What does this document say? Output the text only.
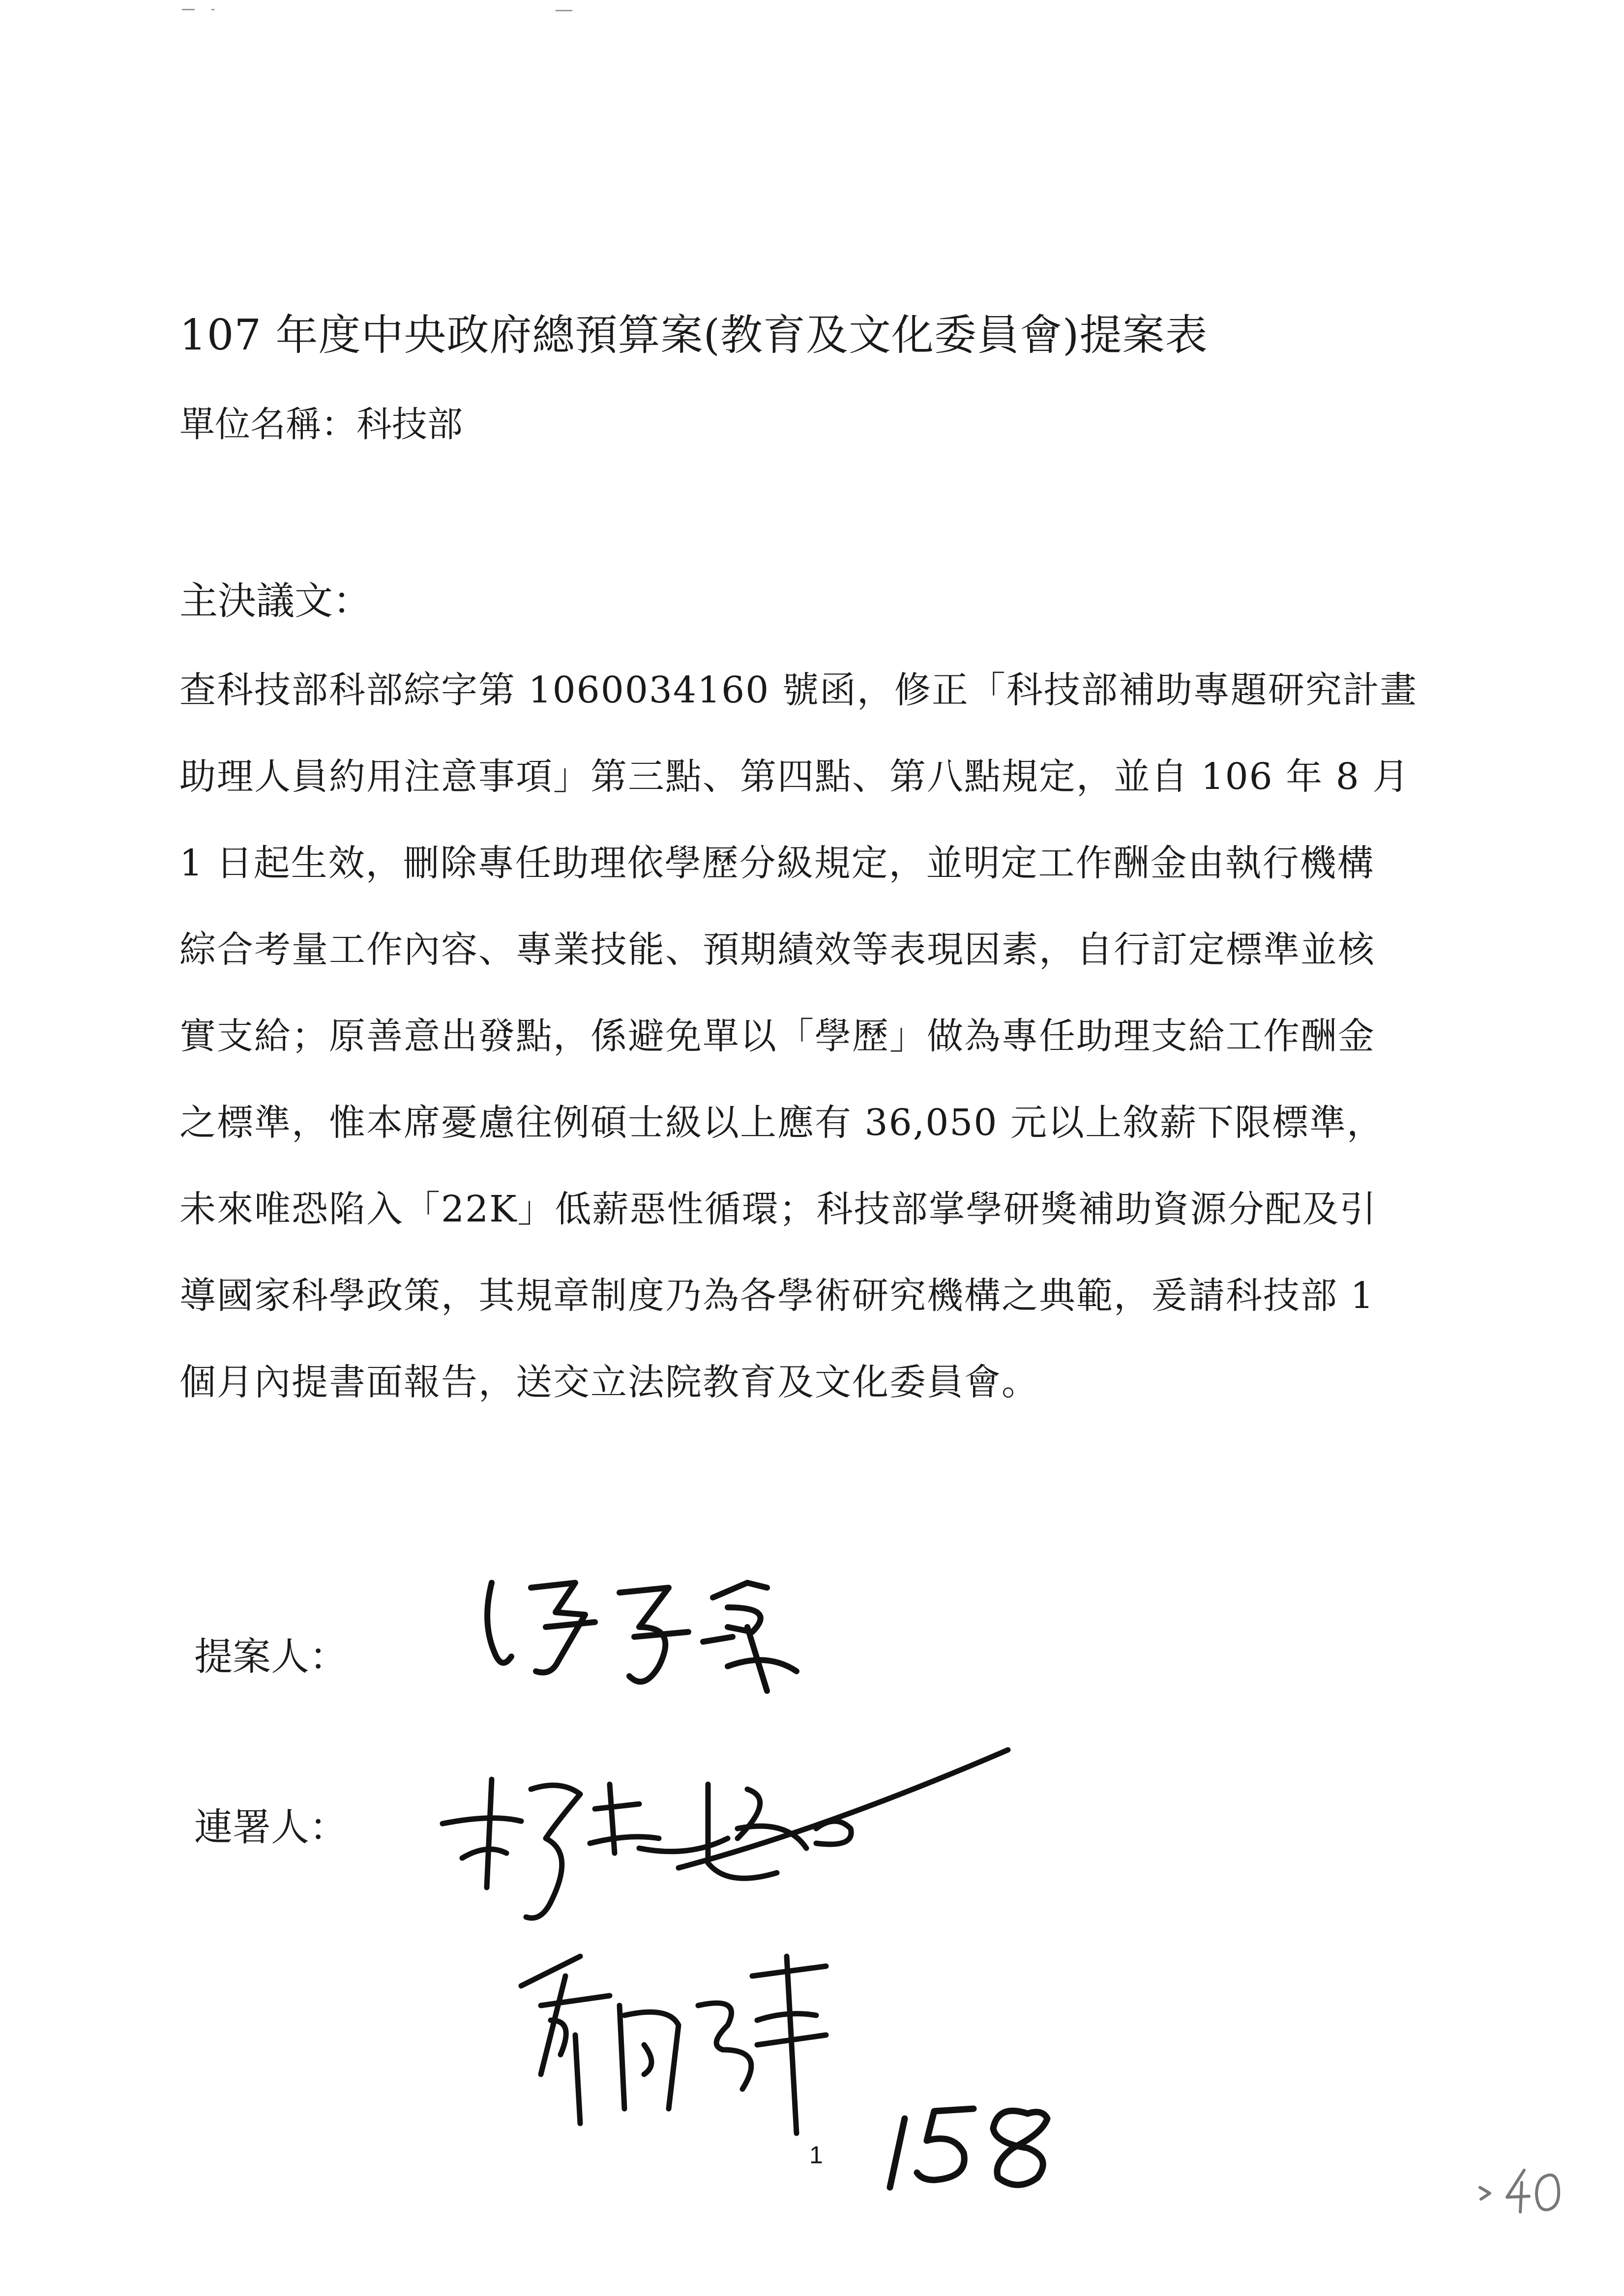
107 年度中央政府總預算案(教育及文化委員會)提案表
單位名稱：科技部
主決議文：
查科技部科部綜字第 1060034160 號函，修正「科技部補助專題研究計畫
助理人員約用注意事項」第三點、第四點、第八點規定，並自 106 年 8 月
1 日起生效，刪除專任助理依學歷分級規定，並明定工作酬金由執行機構
綜合考量工作內容、專業技能、預期績效等表現因素，自行訂定標準並核
實支給；原善意出發點，係避免單以「學歷」做為專任助理支給工作酬金
之標準，惟本席憂慮往例碩士級以上應有 36,050 元以上敘薪下限標準，
未來唯恐陷入「22K」低薪惡性循環；科技部掌學研獎補助資源分配及引
導國家科學政策，其規章制度乃為各學術研究機構之典範，爰請科技部 1
個月內提書面報告，送交立法院教育及文化委員會。
提案人：
連署人：
1
